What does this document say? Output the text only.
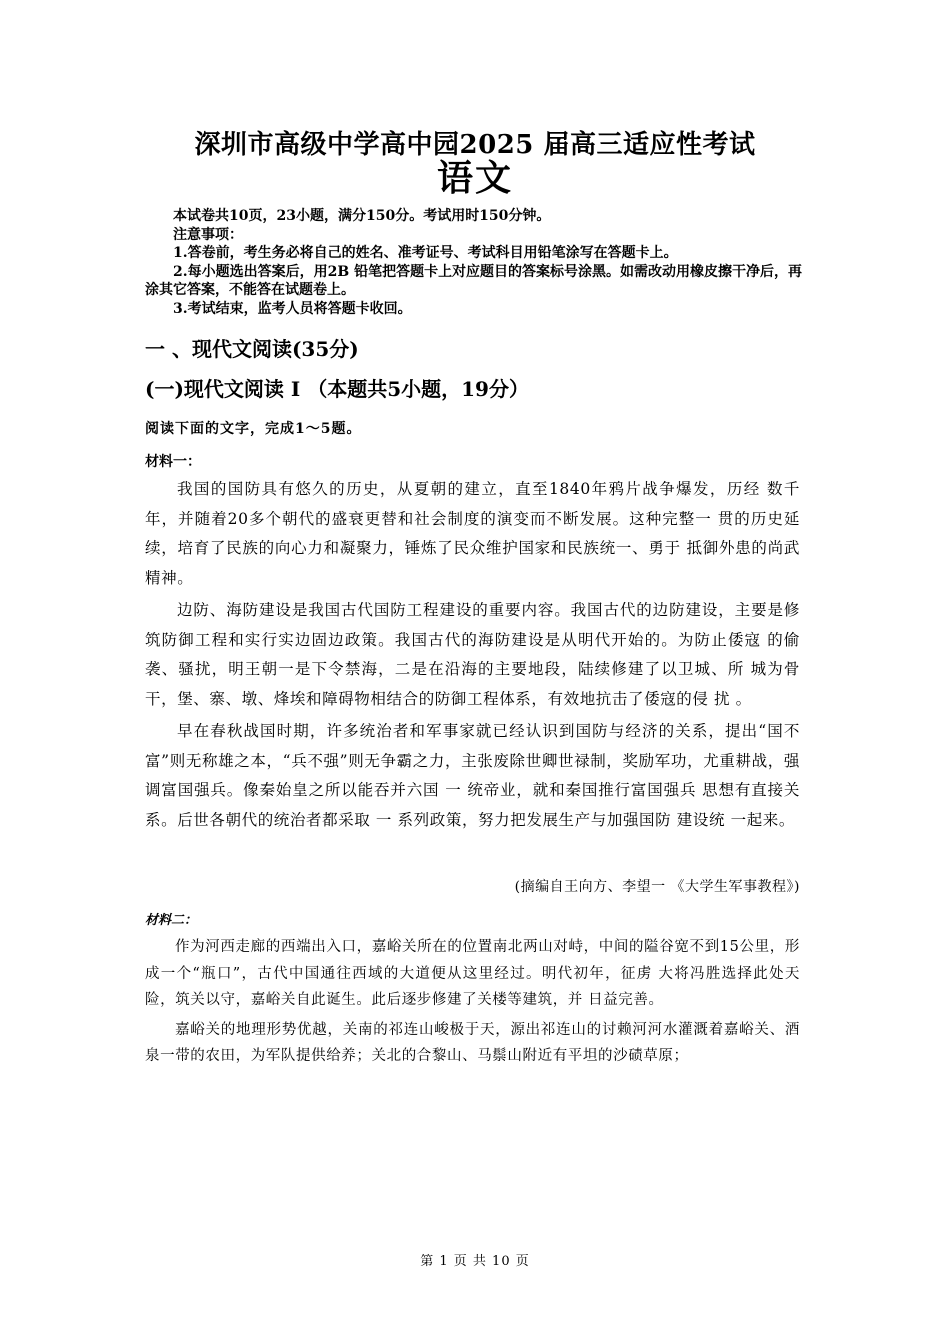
深圳市高级中学高中园2025 届高三适应性考试
语文

本试卷共10页，23小题，满分150分。考试用时150分钟。

注意事项：

1.答卷前，考生务必将自己的姓名、准考证号、考试科目用铅笔涂写在答题卡上。

2.每小题选出答案后，用2B 铅笔把答题卡上对应题目的答案标号涂黑。如需改动用橡皮擦干净后，再涂其它答案，不能答在试题卷上。

3.考试结束，监考人员将答题卡收回。

一 、现代文阅读(35分)
(一)现代文阅读 I （本题共5小题，19分）
阅读下面的文字，完成1～5题。
材料一：

我国的国防具有悠久的历史，从夏朝的建立，直至1840年鸦片战争爆发，历经 数千年，并随着20多个朝代的盛衰更替和社会制度的演变而不断发展。这种完整一 贯的历史延续，培育了民族的向心力和凝聚力，锤炼了民众维护国家和民族统一、勇于 抵御外患的尚武精神。

边防、海防建设是我国古代国防工程建设的重要内容。我国古代的边防建设，主要是修筑防御工程和实行实边固边政策。我国古代的海防建设是从明代开始的。为防止倭寇 的偷袭、骚扰，明王朝一是下令禁海，二是在沿海的主要地段，陆续修建了以卫城、所 城为骨干，堡、寨、墩、烽埃和障碍物相结合的防御工程体系，有效地抗击了倭寇的侵 扰 。

早在春秋战国时期，许多统治者和军事家就已经认识到国防与经济的关系，提出“国不富”则无称雄之本，“兵不强”则无争霸之力，主张废除世卿世禄制，奖励军功，尤重耕战，强调富国强兵。像秦始皇之所以能吞并六国 一 统帝业，就和秦国推行富国强兵 思想有直接关系。后世各朝代的统治者都采取 一 系列政策，努力把发展生产与加强国防 建设统 一起来。

(摘编自王向方、李望一 《大学生军事教程》)
材料二：

作为河西走廊的西端出入口，嘉峪关所在的位置南北两山对峙，中间的隘谷宽不到15公里，形成一个“瓶口”，古代中国通往西域的大道便从这里经过。明代初年，征虏 大将冯胜选择此处天险，筑关以守，嘉峪关自此诞生。此后逐步修建了关楼等建筑，并 日益完善。

嘉峪关的地理形势优越，关南的祁连山峻极于天，源出祁连山的讨赖河河水灌溉着嘉峪关、酒泉一带的农田，为军队提供给养；关北的合黎山、马鬃山附近有平坦的沙碛草原；

第 1 页 共 10 页
